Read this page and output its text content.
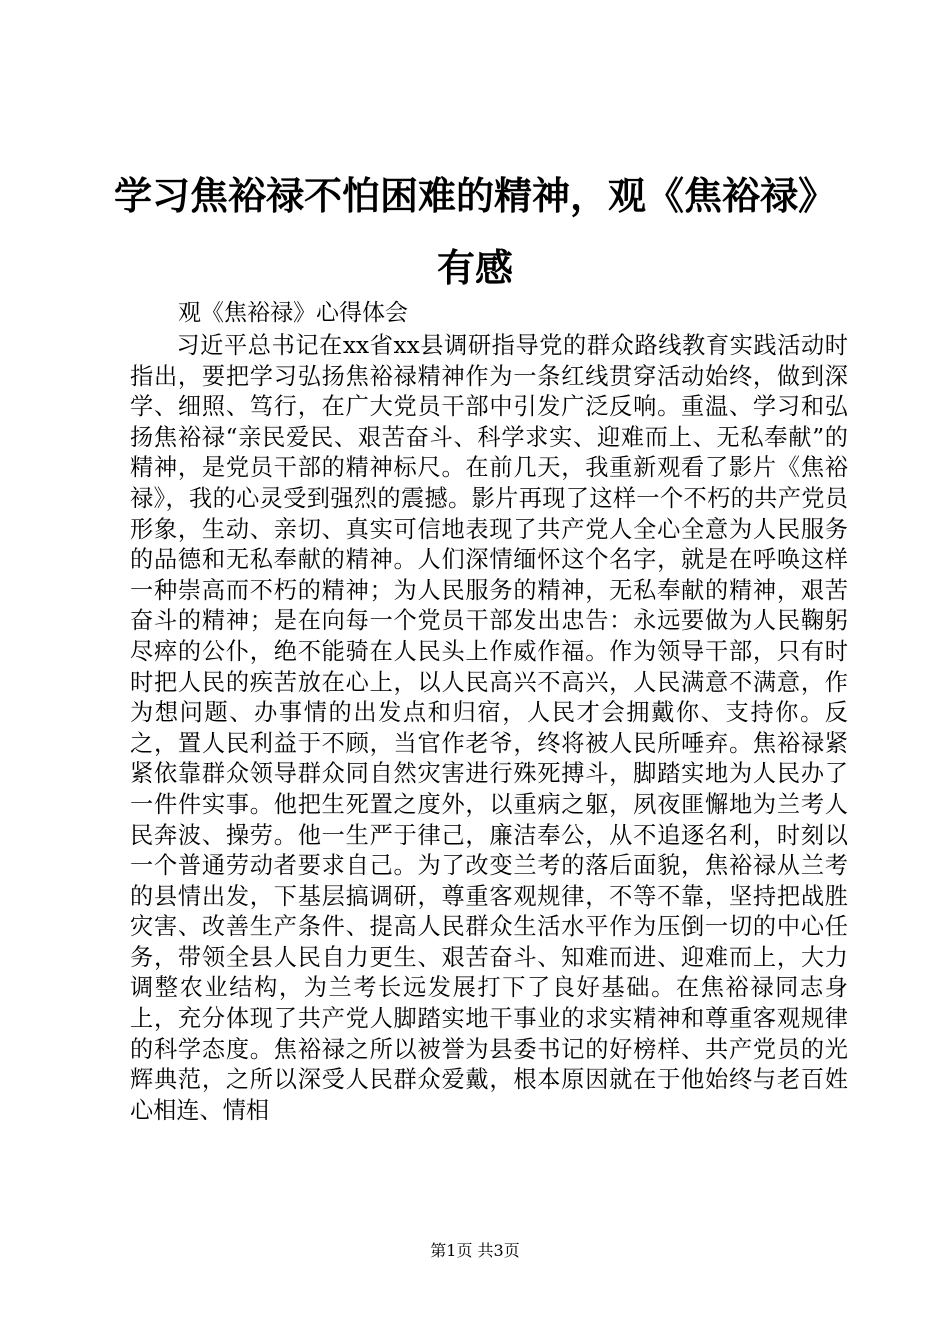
学习焦裕禄不怕困难的精神，观《焦裕禄》有感
观《焦裕禄》心得体会

习近平总书记在xx省xx县调研指导党的群众路线教育实践活动时指出，要把学习弘扬焦裕禄精神作为一条红线贯穿活动始终，做到深学、细照、笃行，在广大党员干部中引发广泛反响。重温、学习和弘扬焦裕禄“亲民爱民、艰苦奋斗、科学求实、迎难而上、无私奉献”的精神，是党员干部的精神标尺。在前几天，我重新观看了影片《焦裕禄》，我的心灵受到强烈的震撼。影片再现了这样一个不朽的共产党员形象，生动、亲切、真实可信地表现了共产党人全心全意为人民服务的品德和无私奉献的精神。人们深情缅怀这个名字，就是在呼唤这样一种崇高而不朽的精神；为人民服务的精神，无私奉献的精神，艰苦奋斗的精神；是在向每一个党员干部发出忠告：永远要做为人民鞠躬尽瘁的公仆，绝不能骑在人民头上作威作福。作为领导干部，只有时时把人民的疾苦放在心上，以人民高兴不高兴，人民满意不满意，作为想问题、办事情的出发点和归宿，人民才会拥戴你、支持你。反之，置人民利益于不顾，当官作老爷，终将被人民所唾弃。焦裕禄紧紧依靠群众领导群众同自然灾害进行殊死搏斗，脚踏实地为人民办了一件件实事。他把生死置之度外，以重病之躯，夙夜匪懈地为兰考人民奔波、操劳。他一生严于律己，廉洁奉公，从不追逐名利，时刻以一个普通劳动者要求自己。为了改变兰考的落后面貌，焦裕禄从兰考的县情出发，下基层搞调研，尊重客观规律，不等不靠，坚持把战胜灾害、改善生产条件、提高人民群众生活水平作为压倒一切的中心任务，带领全县人民自力更生、艰苦奋斗、知难而进、迎难而上，大力调整农业结构，为兰考长远发展打下了良好基础。在焦裕禄同志身上，充分体现了共产党人脚踏实地干事业的求实精神和尊重客观规律的科学态度。焦裕禄之所以被誉为县委书记的好榜样、共产党员的光辉典范，之所以深受人民群众爱戴，根本原因就在于他始终与老百姓心相连、情相

第1页 共3页
